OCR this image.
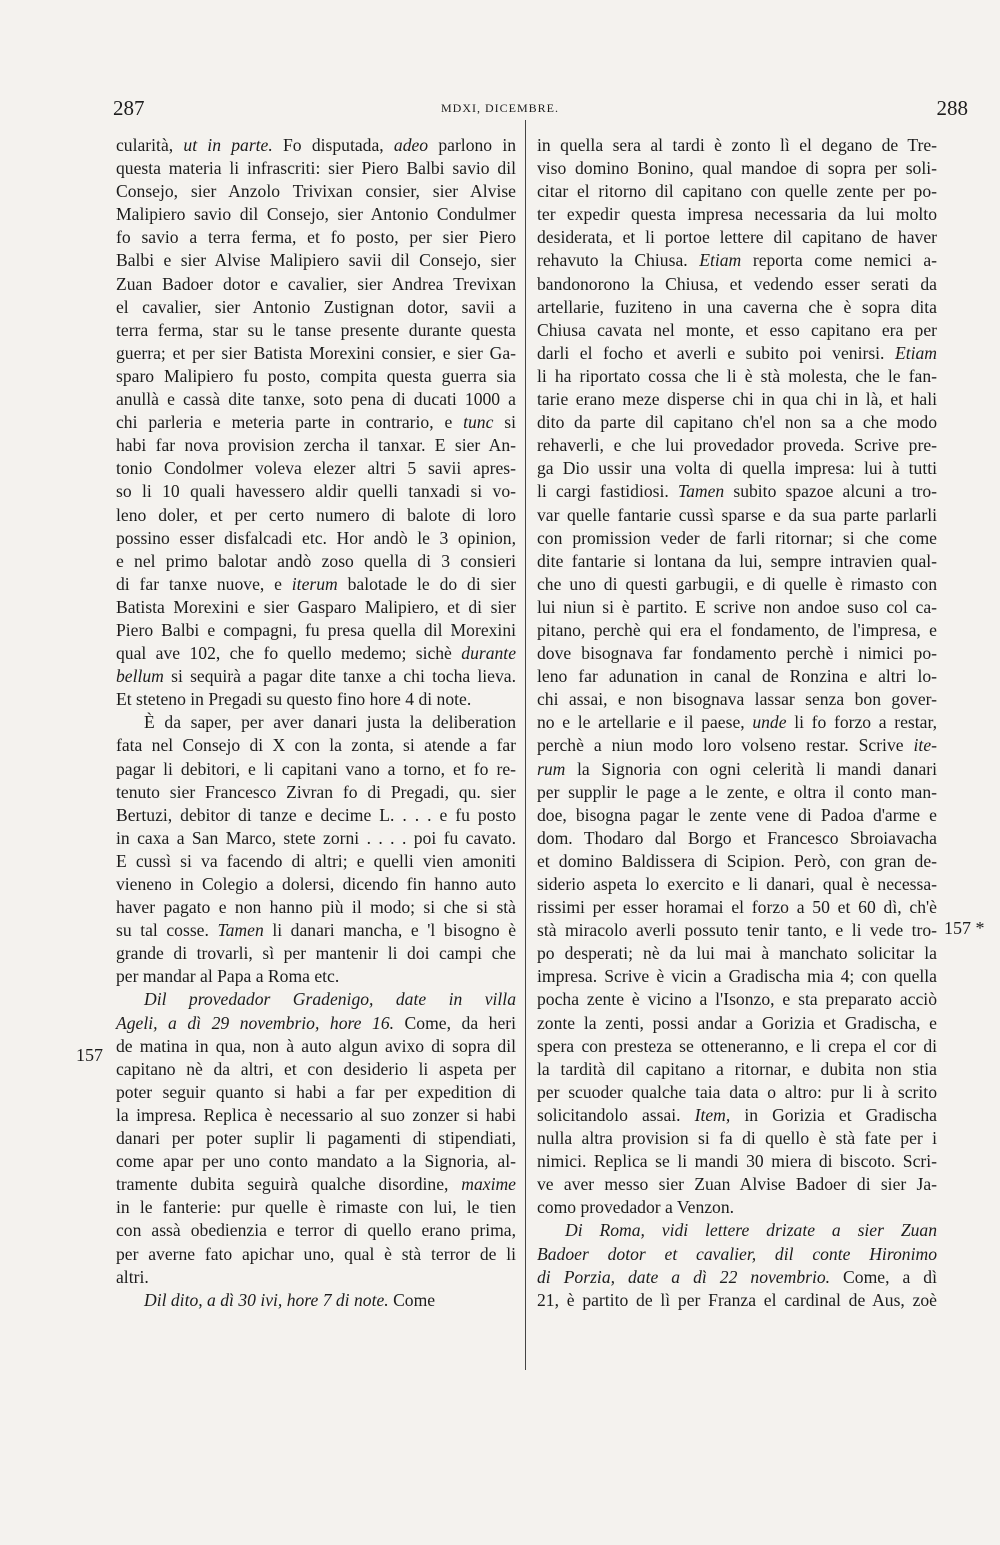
287	MDXI, DICEMBRE.	288
cularità, ut in parte. Fo disputada, adeo parlono in
questa materia li infrascriti: sier Piero Balbi savio dil
Consejo, sier Anzolo Trivixan consier, sier Alvise
Malipiero savio dil Consejo, sier Antonio Condulmer
fo savio a terra ferma, et fo posto, per sier Piero
Balbi e sier Alvise Malipiero savii dil Consejo, sier
Zuan Badoer dotor e cavalier, sier Andrea Trevixan
el cavalier, sier Antonio Zustignan dotor, savii a
terra ferma, star su le tanse presente durante questa
guerra; et per sier Batista Morexini consier, e sier Ga-
sparo Malipiero fu posto, compita questa guerra sia
anullà e cassà dite tanxe, soto pena di ducati 1000 a
chi parleria e meteria parte in contrario, e tunc si
habi far nova provision zercha il tanxar. E sier An-
tonio Condolmer voleva elezer altri 5 savii apres-
so li 10 quali havessero aldir quelli tanxadi si vo-
leno doler, et per certo numero di balote di loro
possino esser disfalcadi etc. Hor andò le 3 opinion,
e nel primo balotar andò zoso quella di 3 consieri
di far tanxe nuove, e iterum balotade le do di sier
Batista Morexini e sier Gasparo Malipiero, et di sier
Piero Balbi e compagni, fu presa quella dil Morexini
qual ave 102, che fo quello medemo; sichè durante
bellum si sequirà a pagar dite tanxe a chi tocha lieva.
Et steteno in Pregadi su questo fino hore 4 di note.
È da saper, per aver danari justa la deliberation
fata nel Consejo di X con la zonta, si atende a far
pagar li debitori, e li capitani vano a torno, et fo re-
tenuto sier Francesco Zivran fo di Pregadi, qu. sier
Bertuzi, debitor di tanze e decime L. . . . e fu posto
in caxa a San Marco, stete zorni . . . . poi fu cavato.
E cussì si va facendo di altri; e quelli vien amoniti
vieneno in Colegio a dolersi, dicendo fin hanno auto
haver pagato e non hanno più il modo; si che si stà
su tal cosse. Tamen li danari mancha, e 'l bisogno è
grande di trovarli, sì per mantenir li doi campi che
per mandar al Papa a Roma etc.
Dil provedador Gradenigo, date in villa
Ageli, a dì 29 novembrio, hore 16. Come, da heri
de matina in qua, non à auto algun avixo di sopra dil
capitano nè da altri, et con desiderio li aspeta per
poter seguir quanto si habi a far per expedition di
la impresa. Replica è necessario al suo zonzer si habi
danari per poter suplir li pagamenti di stipendiati,
come apar per uno conto mandato a la Signoria, al-
tramente dubita seguirà qualche disordine, maxime
in le fanterie: pur quelle è rimaste con lui, le tien
con assà obedienzia e terror di quello erano prima,
per averne fato apichar uno, qual è stà terror de li
altri.
Dil dito, a dì 30 ivi, hore 7 di note. Come
in quella sera al tardi è zonto lì el degano de Tre-
viso domino Bonino, qual mandoe di sopra per soli-
citar el ritorno dil capitano con quelle zente per po-
ter expedir questa impresa necessaria da lui molto
desiderata, et li portoe lettere dil capitano de haver
rehavuto la Chiusa. Etiam reporta come nemici a-
bandonorono la Chiusa, et vedendo esser serati da
artellarie, fuziteno in una caverna che è sopra dita
Chiusa cavata nel monte, et esso capitano era per
darli el focho et averli e subito poi venirsi. Etiam
li ha riportato cossa che li è stà molesta, che le fan-
tarie erano meze disperse chi in qua chi in là, et hali
dito da parte dil capitano ch'el non sa a che modo
rehaverli, e che lui provedador proveda. Scrive pre-
ga Dio ussir una volta di quella impresa: lui à tutti
li cargi fastidiosi. Tamen subito spazoe alcuni a tro-
var quelle fantarie cussì sparse e da sua parte parlarli
con promission veder de farli ritornar; si che come
dite fantarie si lontana da lui, sempre intravien qual-
che uno di questi garbugii, e di quelle è rimasto con
lui niun si è partito. E scrive non andoe suso col ca-
pitano, perchè qui era el fondamento, de l'impresa, e
dove bisognava far fondamento perchè i nimici po-
leno far adunation in canal de Ronzina e altri lo-
chi assai, e non bisognava lassar senza bon gover-
no e le artellarie e il paese, unde li fo forzo a restar,
perchè a niun modo loro volseno restar. Scrive ite-
rum la Signoria con ogni celerità li mandi danari
per supplir le page a le zente, e oltra il conto man-
doe, bisogna pagar le zente vene di Padoa d'arme e
dom. Thodaro dal Borgo et Francesco Sbroiavacha
et domino Baldissera di Scipion. Però, con gran de-
siderio aspeta lo exercito e li danari, qual è necessa-
rissimi per esser horamai el forzo a 50 et 60 dì, ch'è
stà miracolo averli possuto tenir tanto, e li vede tro-
po desperati; nè da lui mai à manchato solicitar la
impresa. Scrive è vicin a Gradischa mia 4; con quella
pocha zente è vicino a l'Isonzo, e sta preparato acciò
zonte la zenti, possi andar a Gorizia et Gradischa, e
spera con presteza se otteneranno, e li crepa el cor di
la tardità dil capitano a ritornar, e dubita non stia
per scuoder qualche taia data o altro: pur li à scrito
solicitandolo assai. Item, in Gorizia et Gradischa
nulla altra provision si fa di quello è stà fate per i
nimici. Replica se li mandi 30 miera di biscoto. Scri-
ve aver messo sier Zuan Alvise Badoer di sier Ja-
como provedador a Venzon.
Di Roma, vidi lettere drizate a sier Zuan
Badoer dotor et cavalier, dil conte Hironimo
di Porzia, date a dì 22 novembrio. Come, a dì
21, è partito de lì per Franza el cardinal de Aus, zoè
157
157 *
